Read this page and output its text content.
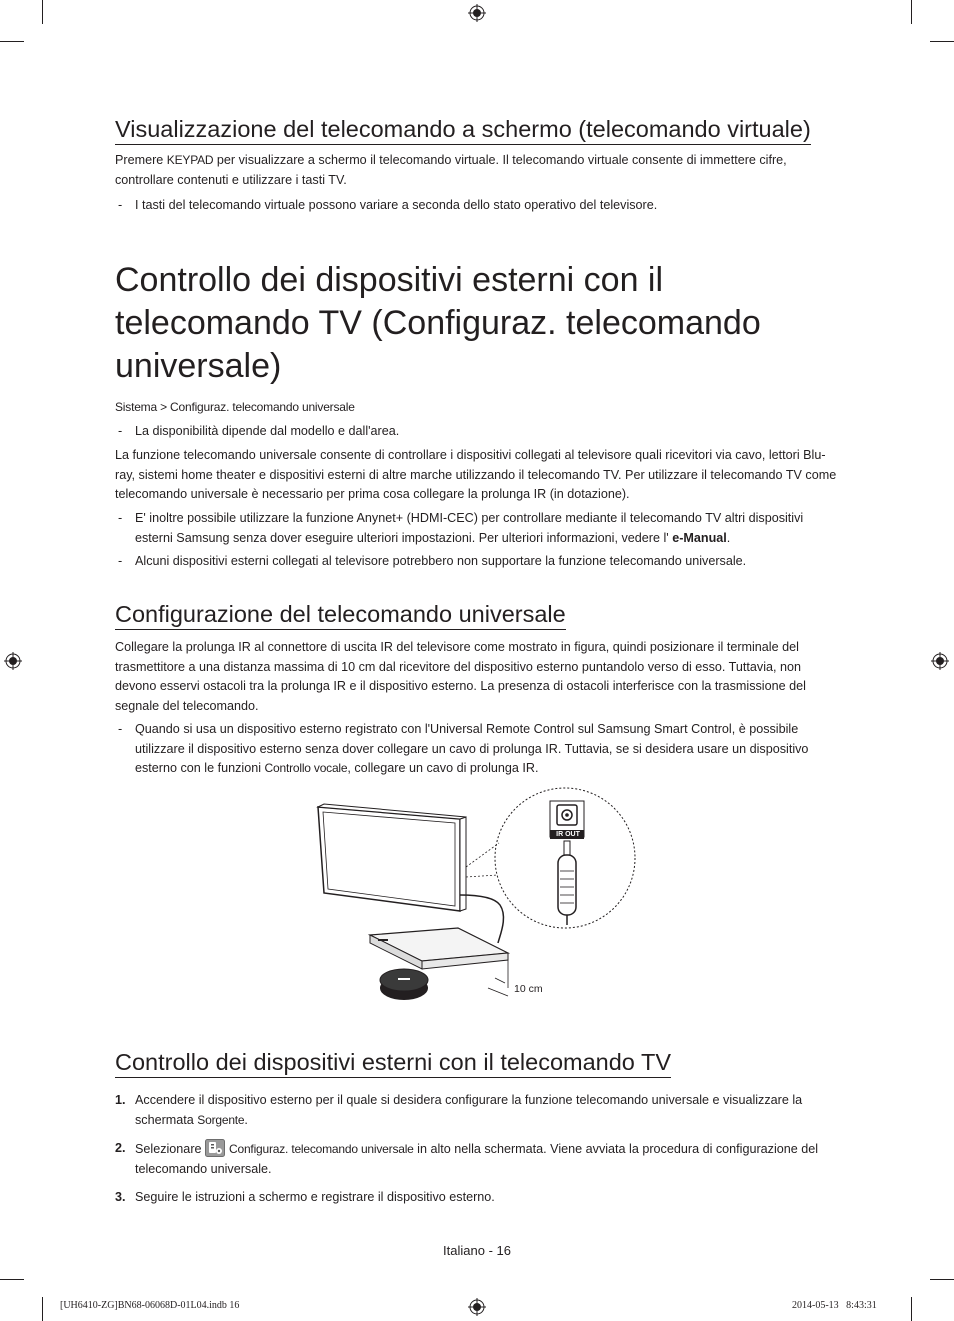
Visualizzazione del telecomando a schermo (telecomando virtuale)
Premere KEYPAD per visualizzare a schermo il telecomando virtuale. Il telecomando virtuale consente di immettere cifre, controllare contenuti e utilizzare i tasti TV.
- I tasti del telecomando virtuale possono variare a seconda dello stato operativo del televisore.
Controllo dei dispositivi esterni con il
telecomando TV (Configuraz. telecomando
universale)
Sistema > Configuraz. telecomando universale
- La disponibilità dipende dal modello e dall'area.
La funzione telecomando universale consente di controllare i dispositivi collegati al televisore quali ricevitori via cavo, lettori Blu-ray, sistemi home theater e dispositivi esterni di altre marche utilizzando il telecomando TV. Per utilizzare il telecomando TV come telecomando universale è necessario per prima cosa collegare la prolunga IR (in dotazione).
- E' inoltre possibile utilizzare la funzione Anynet+ (HDMI-CEC) per controllare mediante il telecomando TV altri dispositivi esterni Samsung senza dover eseguire ulteriori impostazioni. Per ulteriori informazioni, vedere l' e-Manual.
- Alcuni dispositivi esterni collegati al televisore potrebbero non supportare la funzione telecomando universale.
Configurazione del telecomando universale
Collegare la prolunga IR al connettore di uscita IR del televisore come mostrato in figura, quindi posizionare il terminale del trasmettitore a una distanza massima di 10 cm dal ricevitore del dispositivo esterno puntandolo verso di esso. Tuttavia, non devono esservi ostacoli tra la prolunga IR e il dispositivo esterno. La presenza di ostacoli interferisce con la trasmissione del segnale del telecomando.
- Quando si usa un dispositivo esterno registrato con l'Universal Remote Control sul Samsung Smart Control, è possibile utilizzare il dispositivo esterno senza dover collegare un cavo di prolunga IR. Tuttavia, se si desidera usare un dispositivo esterno con le funzioni Controllo vocale, collegare un cavo di prolunga IR.
IR OUT
10 cm
Controllo dei dispositivi esterni con il telecomando TV
1. Accendere il dispositivo esterno per il quale si desidera configurare la funzione telecomando universale e visualizzare la schermata Sorgente.
2. Selezionare Configuraz. telecomando universale in alto nella schermata. Viene avviata la procedura di configurazione del telecomando universale.
3. Seguire le istruzioni a schermo e registrare il dispositivo esterno.
Italiano - 16
[UH6410-ZG]BN68-06068D-01L04.indb 16	2014-05-13   8:43:31
